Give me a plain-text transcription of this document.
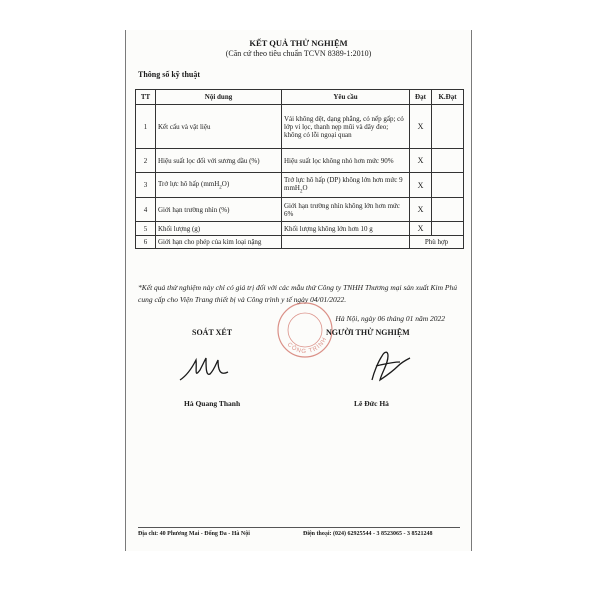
KẾT QUẢ THỬ NGHIỆM
(Căn cứ theo tiêu chuẩn TCVN 8389-1:2010)
Thông số kỹ thuật
TT	Nội dung	Yêu cầu	Đạt	K.Đạt
1	Kết cấu và vật liệu	Vải không dệt, dạng phẳng, có nếp gấp; có lớp vi lọc, thanh nẹp mũi và dây đeo; không có lỗi ngoại quan	X	
2	Hiệu suất lọc đối với sương dầu (%)	Hiệu suất lọc không nhỏ hơn mức 90%	X	
3	Trở lực hô hấp (mmH$_2$O)	Trở lực hô hấp (DP) không lớn hơn mức 9 mmH$_2$O	X	
4	Giới hạn trường nhìn (%)	Giới hạn trường nhìn không lớn hơn mức 6%	X	
5	Khối lượng (g)	Khối lượng không lớn hơn 10 g	X	
6	Giới hạn cho phép của kim loại nặng		Phù hợp	
*Kết quả thử nghiệm này chỉ có giá trị đối với các mẫu thử Công ty TNHH Thương mại sản xuất Kim Phú cung cấp cho Viện Trang thiết bị và Công trình y tế ngày 04/01/2022.
CÔNG TRÌNH
Hà Nội, ngày 06 tháng 01 năm 2022
SOÁT XÉT	NGƯỜI THỬ NGHIỆM
Hà Quang Thanh	Lê Đức Hà
Địa chỉ: 40 Phương Mai - Đống Đa - Hà Nội	Điện thoại: (024) 62925544 - 3 8523065 - 3 8521248
